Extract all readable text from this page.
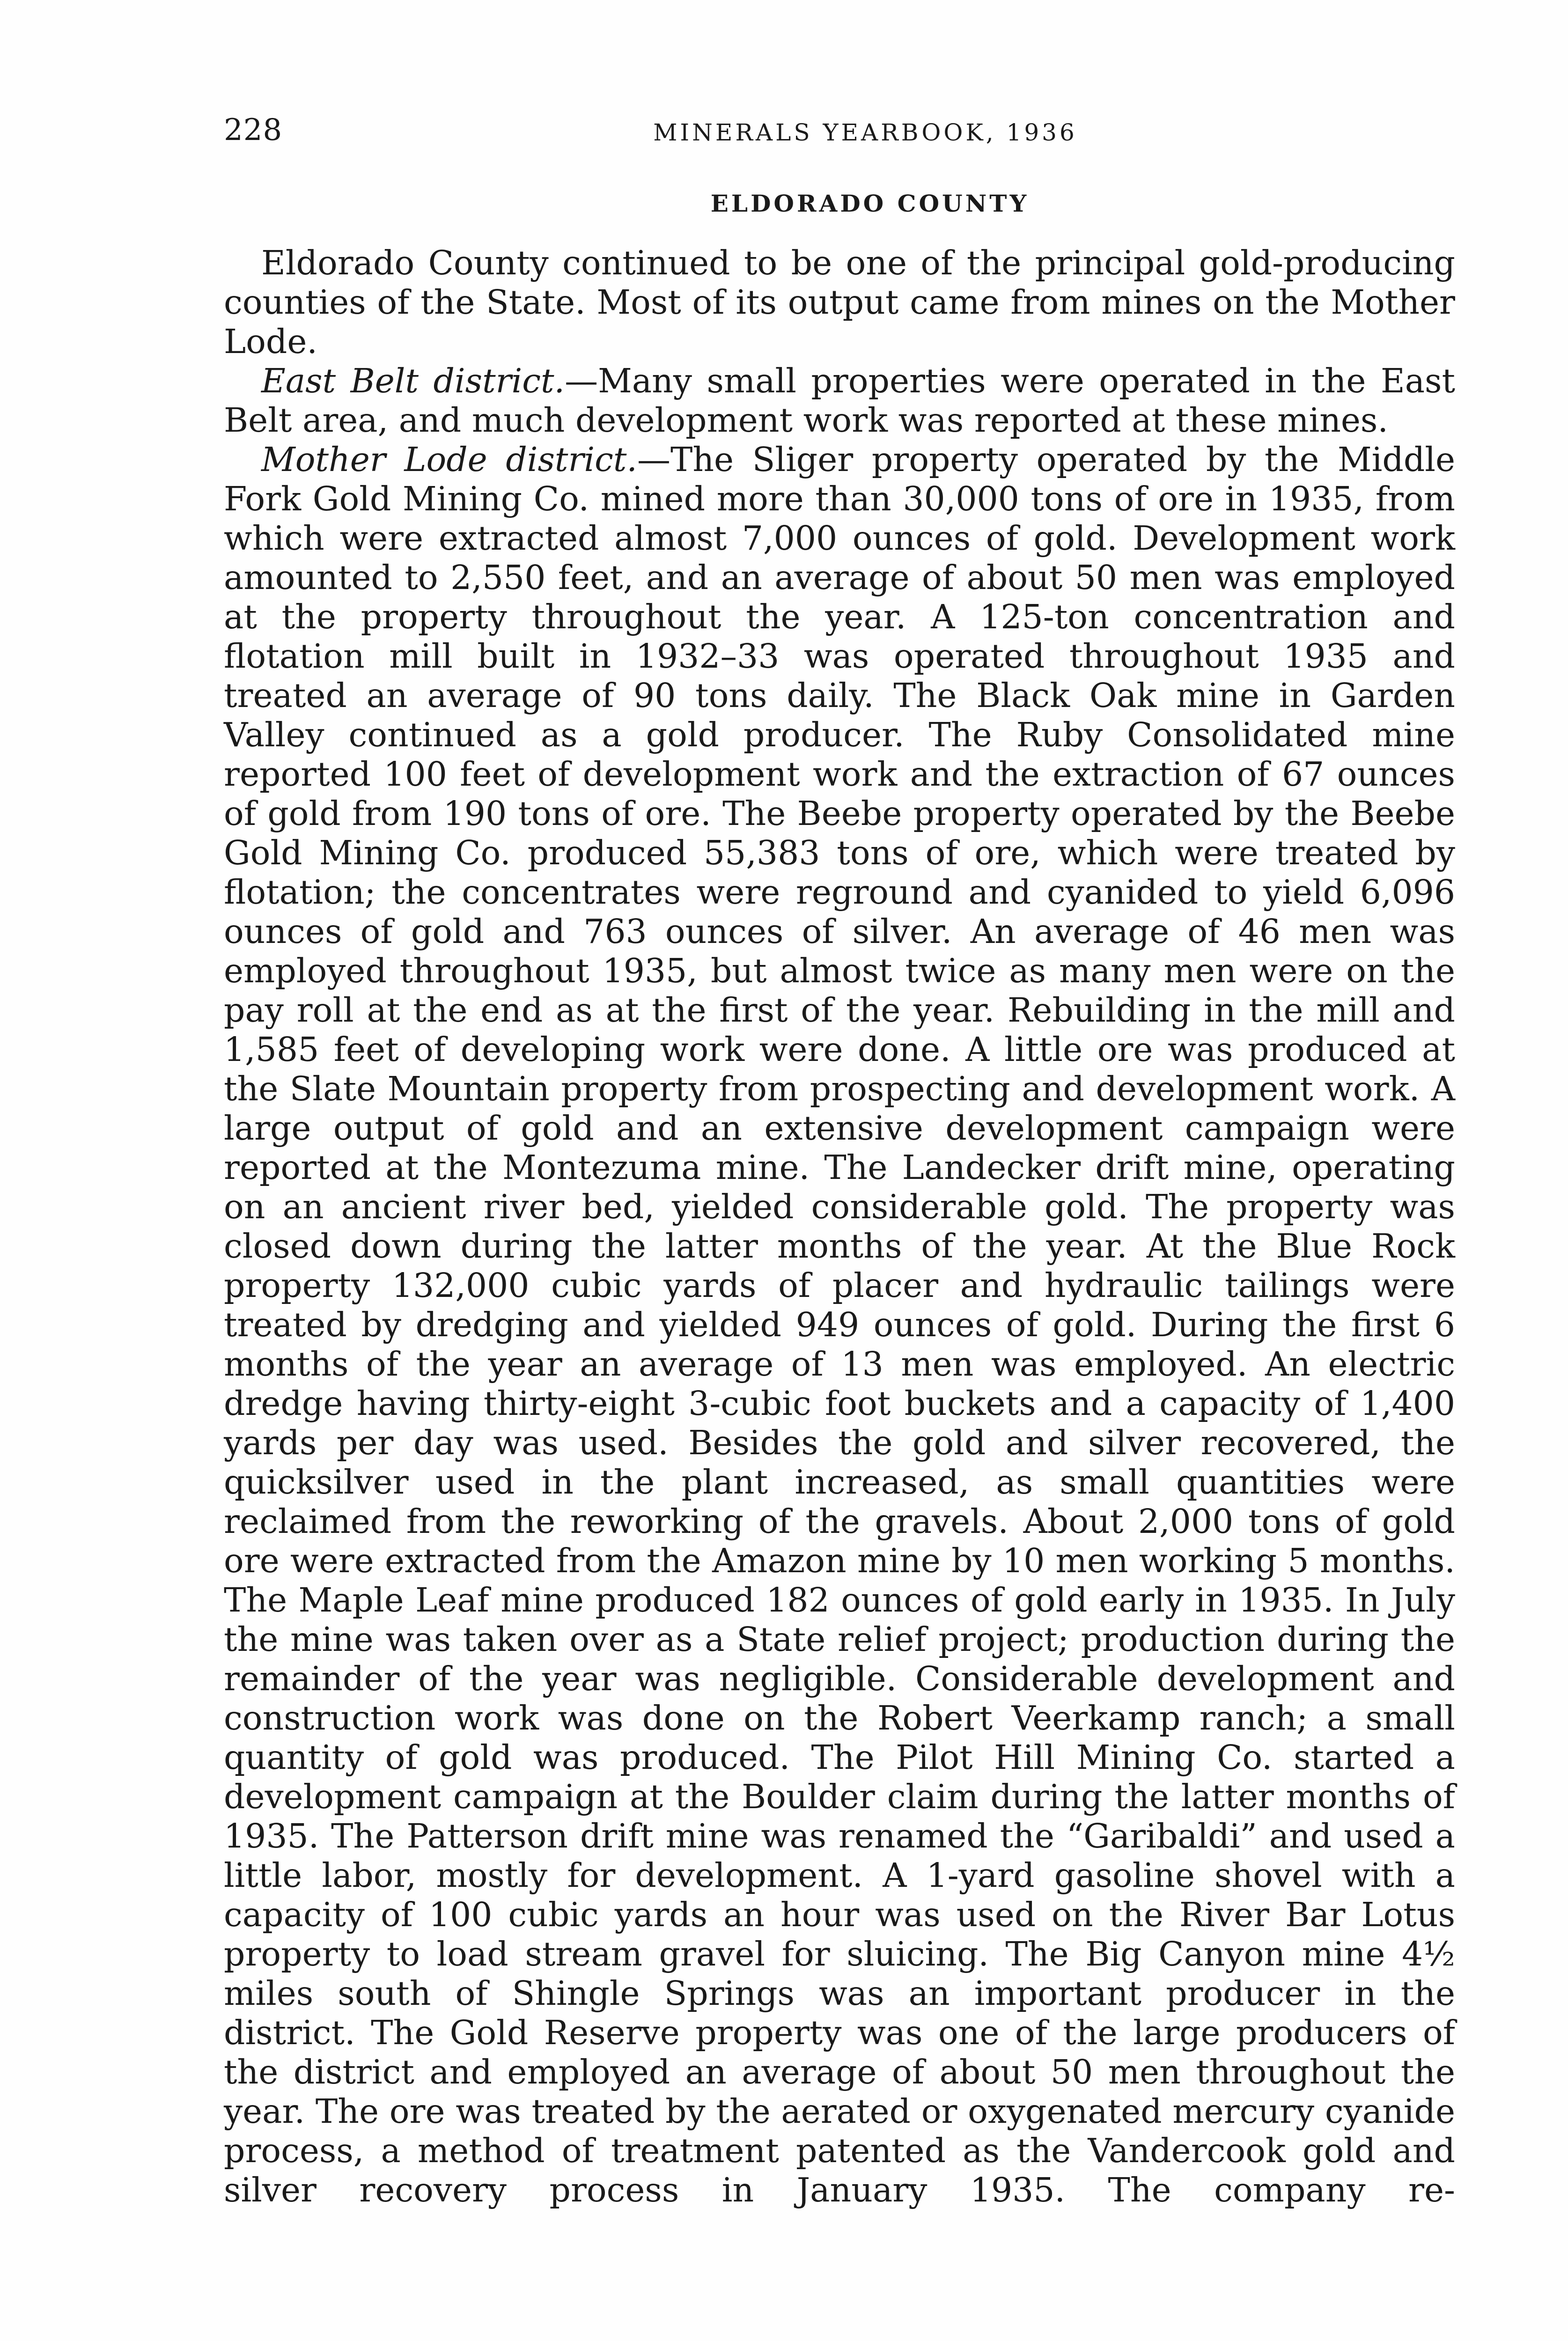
228	MINERALS YEARBOOK, 1936
ELDORADO COUNTY

Eldorado County continued to be one of the principal gold-producing counties of the State. Most of its output came from mines on the Mother Lode.

East Belt district.—Many small properties were operated in the East Belt area, and much development work was reported at these mines.

Mother Lode district.—The Sliger property operated by the Middle Fork Gold Mining Co. mined more than 30,000 tons of ore in 1935, from which were extracted almost 7,000 ounces of gold. Development work amounted to 2,550 feet, and an average of about 50 men was employed at the property throughout the year. A 125-ton concentration and flotation mill built in 1932–33 was operated throughout 1935 and treated an average of 90 tons daily. The Black Oak mine in Garden Valley continued as a gold producer. The Ruby Consolidated mine reported 100 feet of development work and the extraction of 67 ounces of gold from 190 tons of ore. The Beebe property operated by the Beebe Gold Mining Co. produced 55,383 tons of ore, which were treated by flotation; the concentrates were reground and cyanided to yield 6,096 ounces of gold and 763 ounces of silver. An average of 46 men was employed throughout 1935, but almost twice as many men were on the pay roll at the end as at the first of the year. Rebuilding in the mill and 1,585 feet of developing work were done. A little ore was produced at the Slate Mountain property from prospecting and development work. A large output of gold and an extensive development campaign were reported at the Montezuma mine. The Landecker drift mine, operating on an ancient river bed, yielded considerable gold. The property was closed down during the latter months of the year. At the Blue Rock property 132,000 cubic yards of placer and hydraulic tailings were treated by dredging and yielded 949 ounces of gold. During the first 6 months of the year an average of 13 men was employed. An electric dredge having thirty-eight 3-cubic foot buckets and a capacity of 1,400 yards per day was used. Besides the gold and silver recovered, the quicksilver used in the plant increased, as small quantities were reclaimed from the reworking of the gravels. About 2,000 tons of gold ore were extracted from the Amazon mine by 10 men working 5 months. The Maple Leaf mine produced 182 ounces of gold early in 1935. In July the mine was taken over as a State relief project; production during the remainder of the year was negligible. Considerable development and construction work was done on the Robert Veerkamp ranch; a small quantity of gold was produced. The Pilot Hill Mining Co. started a development campaign at the Boulder claim during the latter months of 1935. The Patterson drift mine was renamed the “Garibaldi” and used a little labor, mostly for development. A 1-yard gasoline shovel with a capacity of 100 cubic yards an hour was used on the River Bar Lotus property to load stream gravel for sluicing. The Big Canyon mine 4½ miles south of Shingle Springs was an important producer in the district. The Gold Reserve property was one of the large producers of the district and employed an average of about 50 men throughout the year. The ore was treated by the aerated or oxygenated mercury cyanide process, a method of treatment patented as the Vandercook gold and silver recovery process in January 1935. The company re-
